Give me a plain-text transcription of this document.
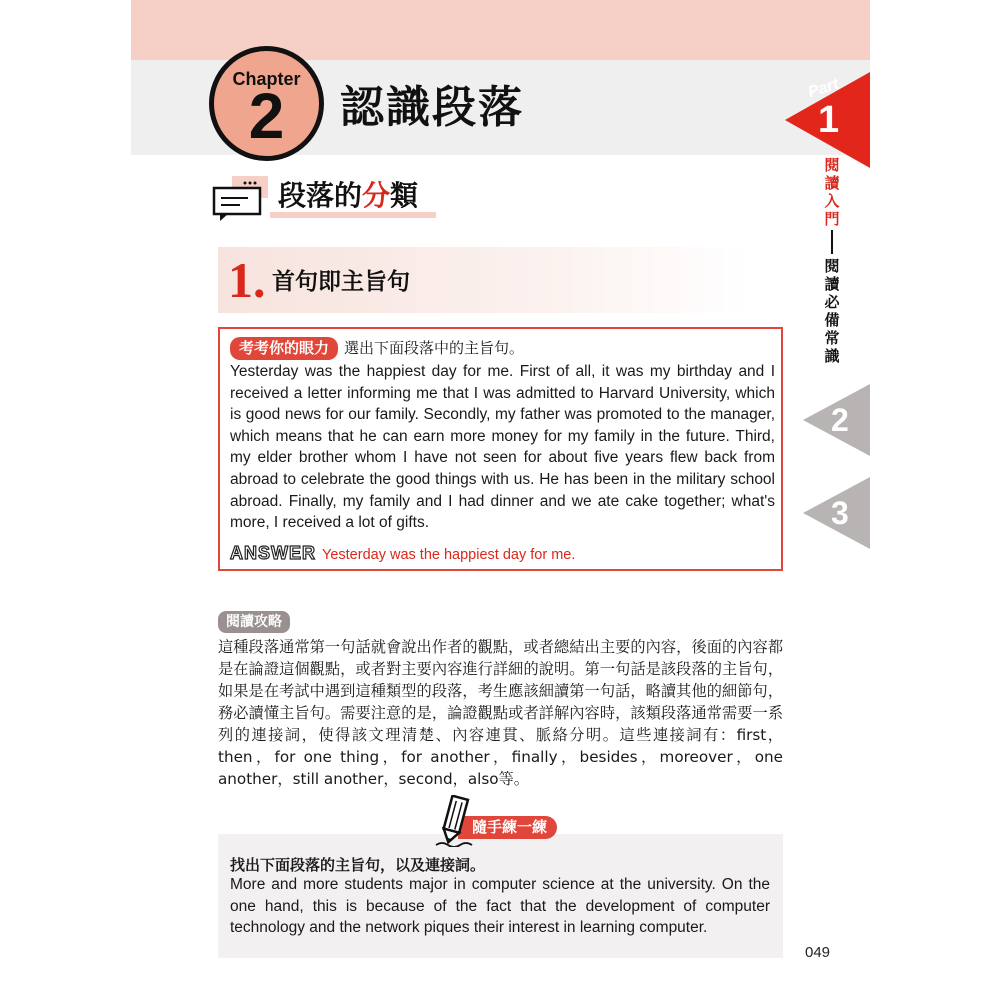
Chapter
2	認識段落
段落的分類
1. 首句即主旨句
考考你的眼力 選出下面段落中的主旨句。
Yesterday was the happiest day for me. First of all, it was my birthday and I received a letter informing me that I was admitted to Harvard University, which is good news for our family. Secondly, my father was promoted to the manager, which means that he can earn more money for my family in the future. Third, my elder brother whom I have not seen for about five years flew back from abroad to celebrate the good things with us. He has been in the military school abroad. Finally, my family and I had dinner and we ate cake together; what's more, I received a lot of gifts.
ANSWER Yesterday was the happiest day for me.
閱讀攻略
這種段落通常第一句話就會說出作者的觀點，或者總結出主要的內容，後面的內容都是在論證這個觀點，或者對主要內容進行詳細的說明。第一句話是該段落的主旨句，如果是在考試中遇到這種類型的段落，考生應該細讀第一句話，略讀其他的細節句，務必讀懂主旨句。需要注意的是，論證觀點或者詳解內容時，該類段落通常需要一系列的連接詞，使得該文理清楚、內容連貫、脈絡分明。這些連接詞有：first，then，for one thing，for another，finally，besides，moreover，one another，still another，second，also等。
找出下面段落的主旨句，以及連接詞。
More and more students major in computer science at the university. On the one hand, this is because of the fact that the development of computer technology and the network piques their interest in learning computer.
隨手練一練
049
Part
1
閱讀入門
閱讀必備常識
Part
2
Part
3
